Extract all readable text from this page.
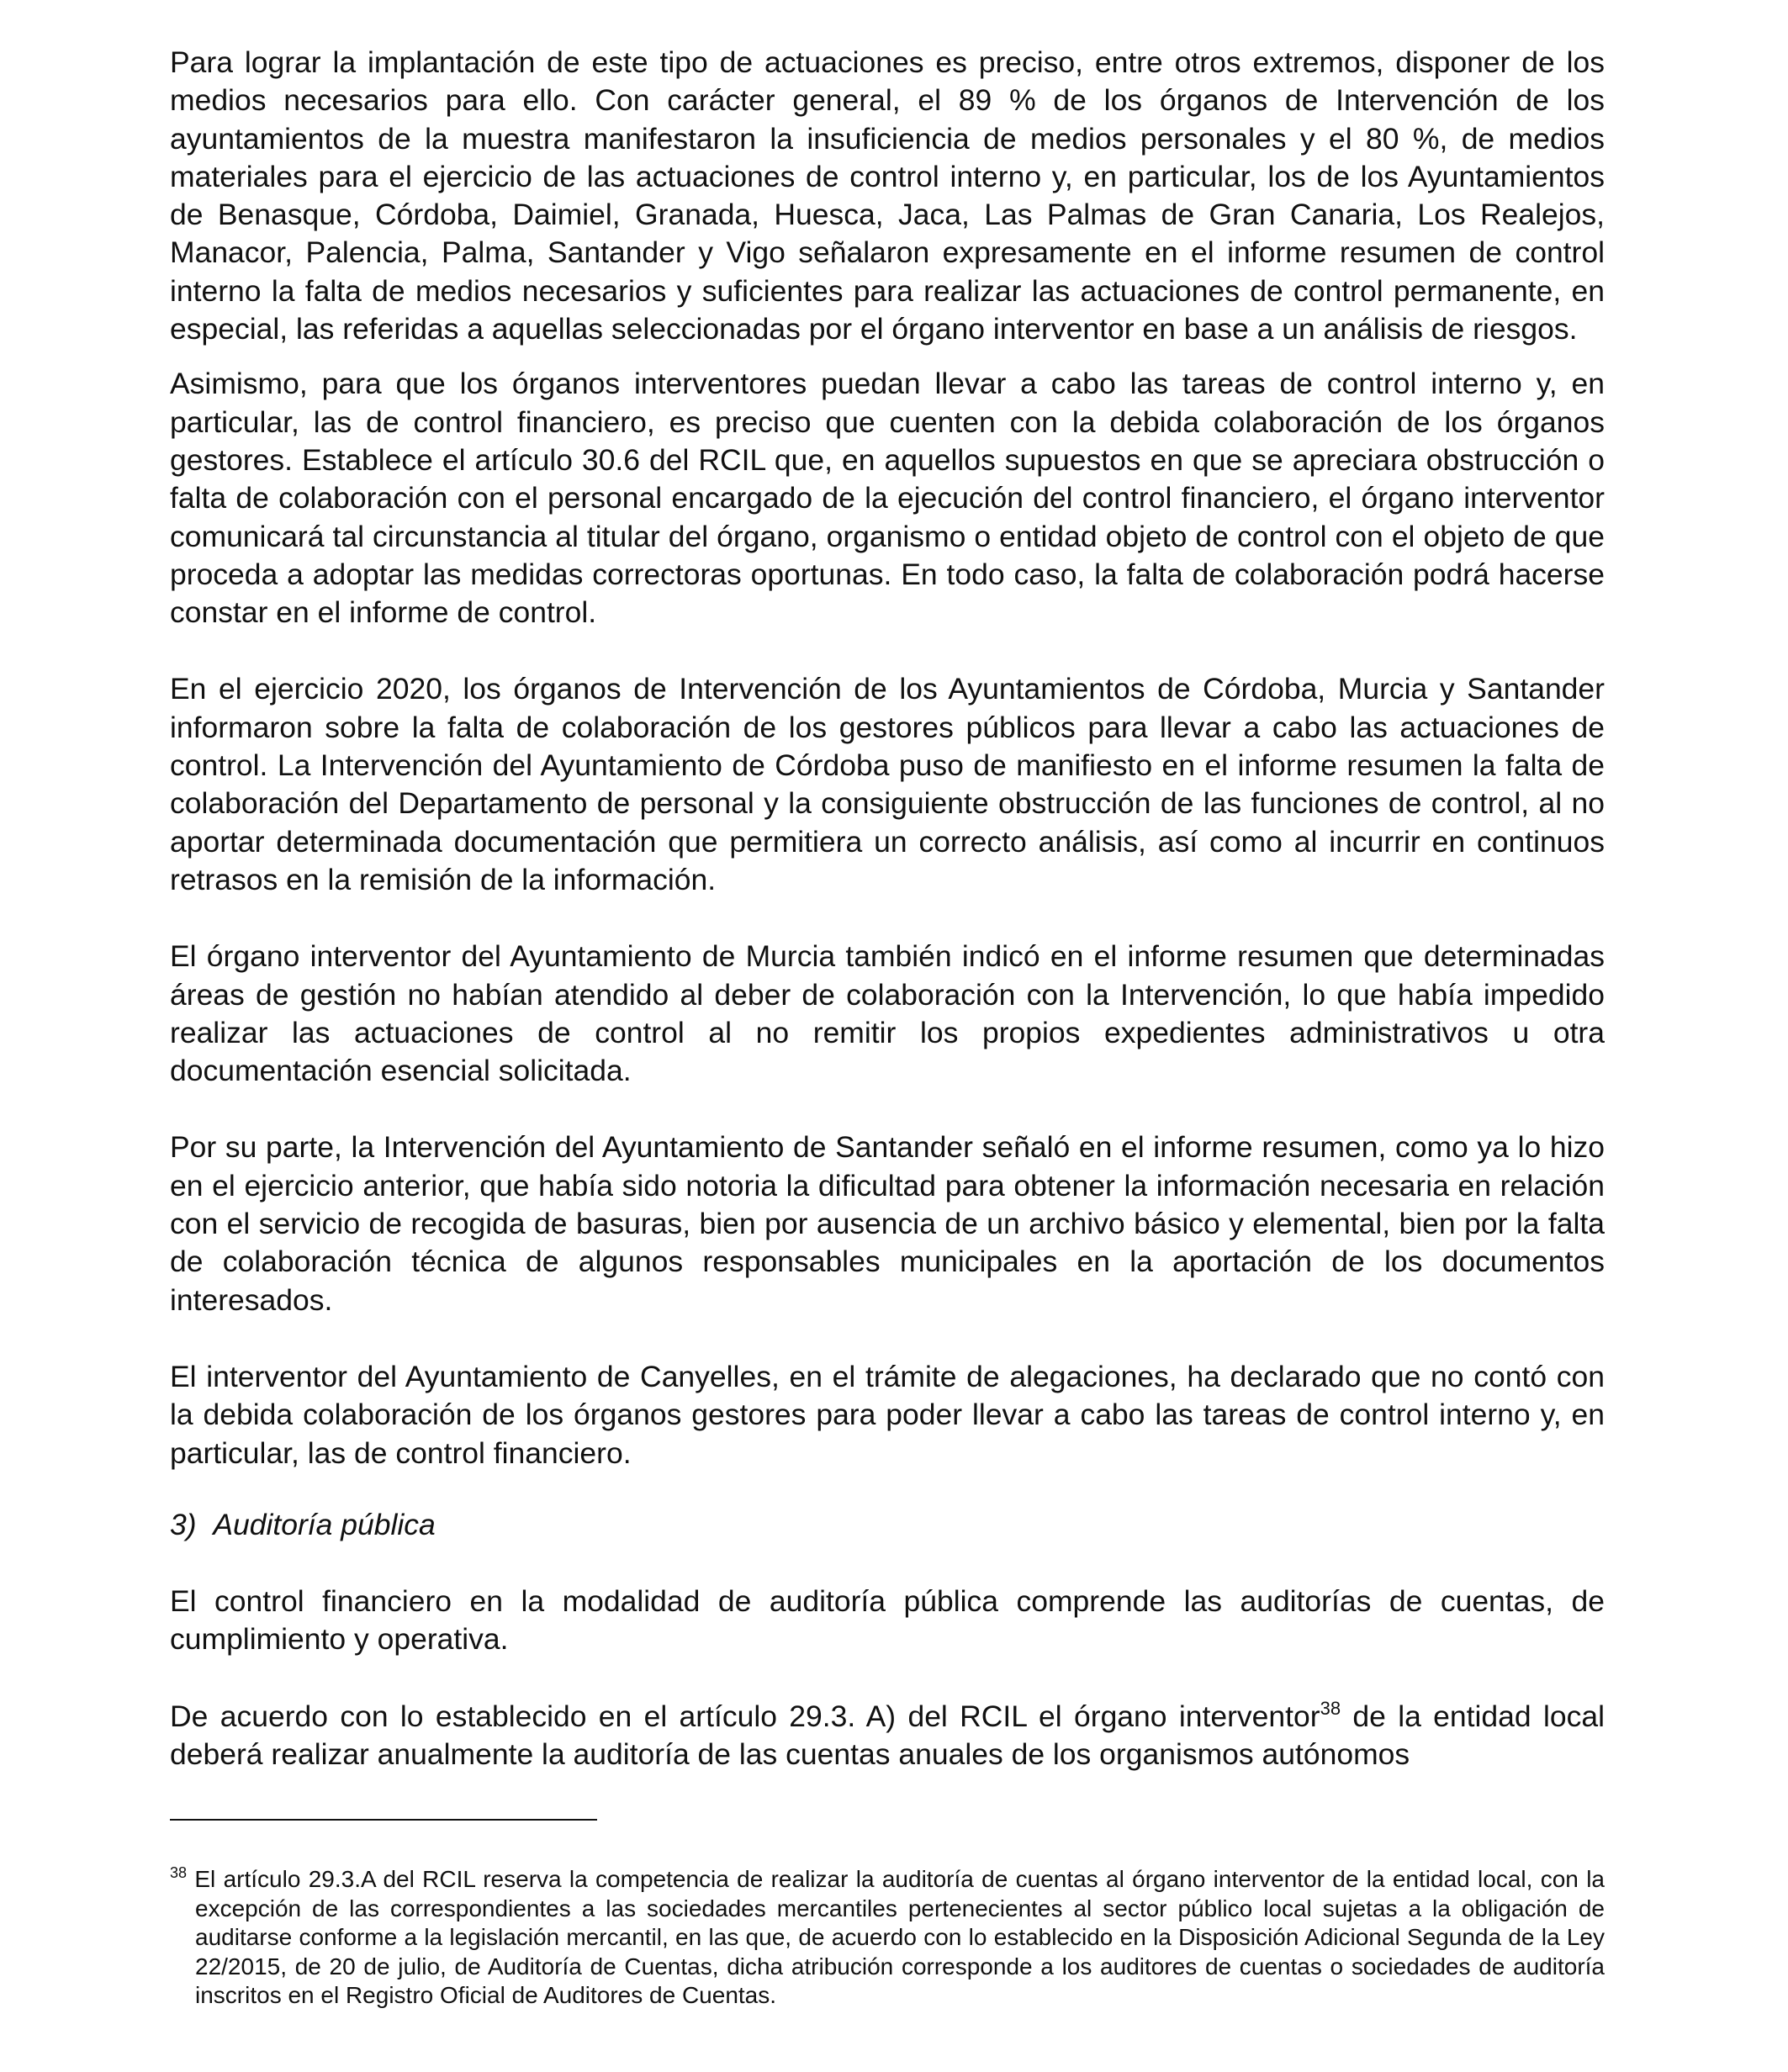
Para lograr la implantación de este tipo de actuaciones es preciso, entre otros extremos, disponer de los medios necesarios para ello. Con carácter general, el 89 % de los órganos de Intervención de los ayuntamientos de la muestra manifestaron la insuficiencia de medios personales y el 80 %, de medios materiales para el ejercicio de las actuaciones de control interno y, en particular, los de los Ayuntamientos de Benasque, Córdoba, Daimiel, Granada, Huesca, Jaca, Las Palmas de Gran Canaria, Los Realejos, Manacor, Palencia, Palma, Santander y Vigo señalaron expresamente en el informe resumen de control interno la falta de medios necesarios y suficientes para realizar las actuaciones de control permanente, en especial, las referidas a aquellas seleccionadas por el órgano interventor en base a un análisis de riesgos.

Asimismo, para que los órganos interventores puedan llevar a cabo las tareas de control interno y, en particular, las de control financiero, es preciso que cuenten con la debida colaboración de los órganos gestores. Establece el artículo 30.6 del RCIL que, en aquellos supuestos en que se apreciara obstrucción o falta de colaboración con el personal encargado de la ejecución del control financiero, el órgano interventor comunicará tal circunstancia al titular del órgano, organismo o entidad objeto de control con el objeto de que proceda a adoptar las medidas correctoras oportunas. En todo caso, la falta de colaboración podrá hacerse constar en el informe de control.

En el ejercicio 2020, los órganos de Intervención de los Ayuntamientos de Córdoba, Murcia y Santander informaron sobre la falta de colaboración de los gestores públicos para llevar a cabo las actuaciones de control. La Intervención del Ayuntamiento de Córdoba puso de manifiesto en el informe resumen la falta de colaboración del Departamento de personal y la consiguiente obstrucción de las funciones de control, al no aportar determinada documentación que permitiera un correcto análisis, así como al incurrir en continuos retrasos en la remisión de la información.

El órgano interventor del Ayuntamiento de Murcia también indicó en el informe resumen que determinadas áreas de gestión no habían atendido al deber de colaboración con la Intervención, lo que había impedido realizar las actuaciones de control al no remitir los propios expedientes administrativos u otra documentación esencial solicitada.

Por su parte, la Intervención del Ayuntamiento de Santander señaló en el informe resumen, como ya lo hizo en el ejercicio anterior, que había sido notoria la dificultad para obtener la información necesaria en relación con el servicio de recogida de basuras, bien por ausencia de un archivo básico y elemental, bien por la falta de colaboración técnica de algunos responsables municipales en la aportación de los documentos interesados.

El interventor del Ayuntamiento de Canyelles, en el trámite de alegaciones, ha declarado que no contó con la debida colaboración de los órganos gestores para poder llevar a cabo las tareas de control interno y, en particular, las de control financiero.

3) Auditoría pública

El control financiero en la modalidad de auditoría pública comprende las auditorías de cuentas, de cumplimiento y operativa.

De acuerdo con lo establecido en el artículo 29.3. A) del RCIL el órgano interventor$^{38}$ de la entidad local deberá realizar anualmente la auditoría de las cuentas anuales de los organismos autónomos

$^{38}$ El artículo 29.3.A del RCIL reserva la competencia de realizar la auditoría de cuentas al órgano interventor de la entidad local, con la excepción de las correspondientes a las sociedades mercantiles pertenecientes al sector público local sujetas a la obligación de auditarse conforme a la legislación mercantil, en las que, de acuerdo con lo establecido en la Disposición Adicional Segunda de la Ley 22/2015, de 20 de julio, de Auditoría de Cuentas, dicha atribución corresponde a los auditores de cuentas o sociedades de auditoría inscritos en el Registro Oficial de Auditores de Cuentas.
